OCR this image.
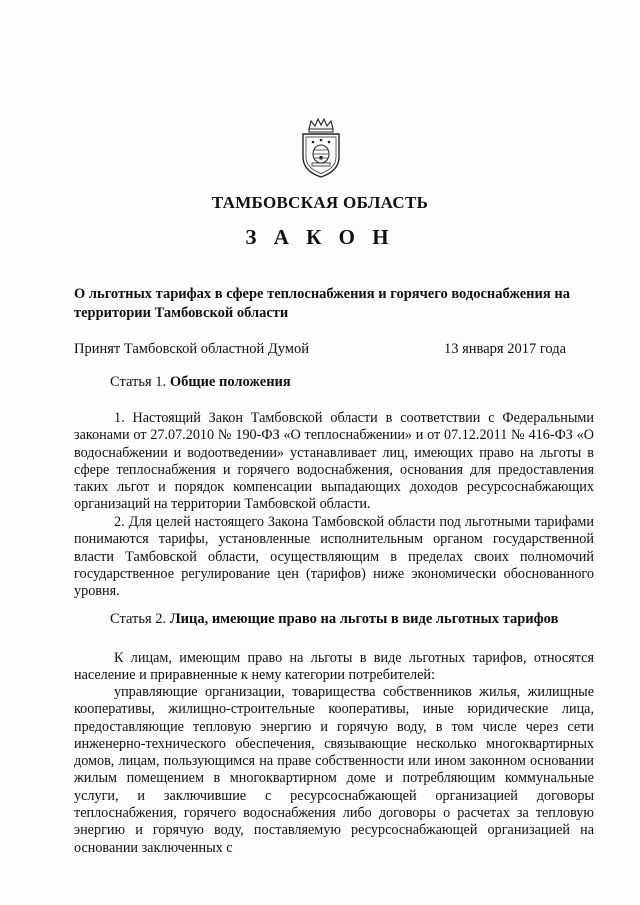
ТАМБОВСКАЯ ОБЛАСТЬ
З А К О Н
О льготных тарифах в сфере теплоснабжения и горячего водоснабжения на территории Тамбовской области
Принят Тамбовской областной Думой	13 января 2017 года
Статья 1. Общие положения
1. Настоящий Закон Тамбовской области в соответствии с Федеральными законами от 27.07.2010 № 190-ФЗ «О теплоснабжении» и от 07.12.2011 № 416-ФЗ «О водоснабжении и водоотведении» устанавливает лиц, имеющих право на льготы в сфере теплоснабжения и горячего водоснабжения, основания для предоставления таких льгот и порядок компенсации выпадающих доходов ресурсоснабжающих организаций на территории Тамбовской области.
2. Для целей настоящего Закона Тамбовской области под льготными тарифами понимаются тарифы, установленные исполнительным органом государственной власти Тамбовской области, осуществляющим в пределах своих полномочий государственное регулирование цен (тарифов) ниже экономически обоснованного уровня.
Статья 2. Лица, имеющие право на льготы в виде льготных тарифов
К лицам, имеющим право на льготы в виде льготных тарифов, относятся население и приравненные к нему категории потребителей:
управляющие организации, товарищества собственников жилья, жилищные кооперативы, жилищно-строительные кооперативы, иные юридические лица, предоставляющие тепловую энергию и горячую воду, в том числе через сети инженерно-технического обеспечения, связывающие несколько многоквартирных домов, лицам, пользующимся на праве собственности или ином законном основании жилым помещением в многоквартирном доме и потребляющим коммунальные услуги, и заключившие с ресурсоснабжающей организацией договоры теплоснабжения, горячего водоснабжения либо договоры о расчетах за тепловую энергию и горячую воду, поставляемую ресурсоснабжающей организацией на основании заключенных с
